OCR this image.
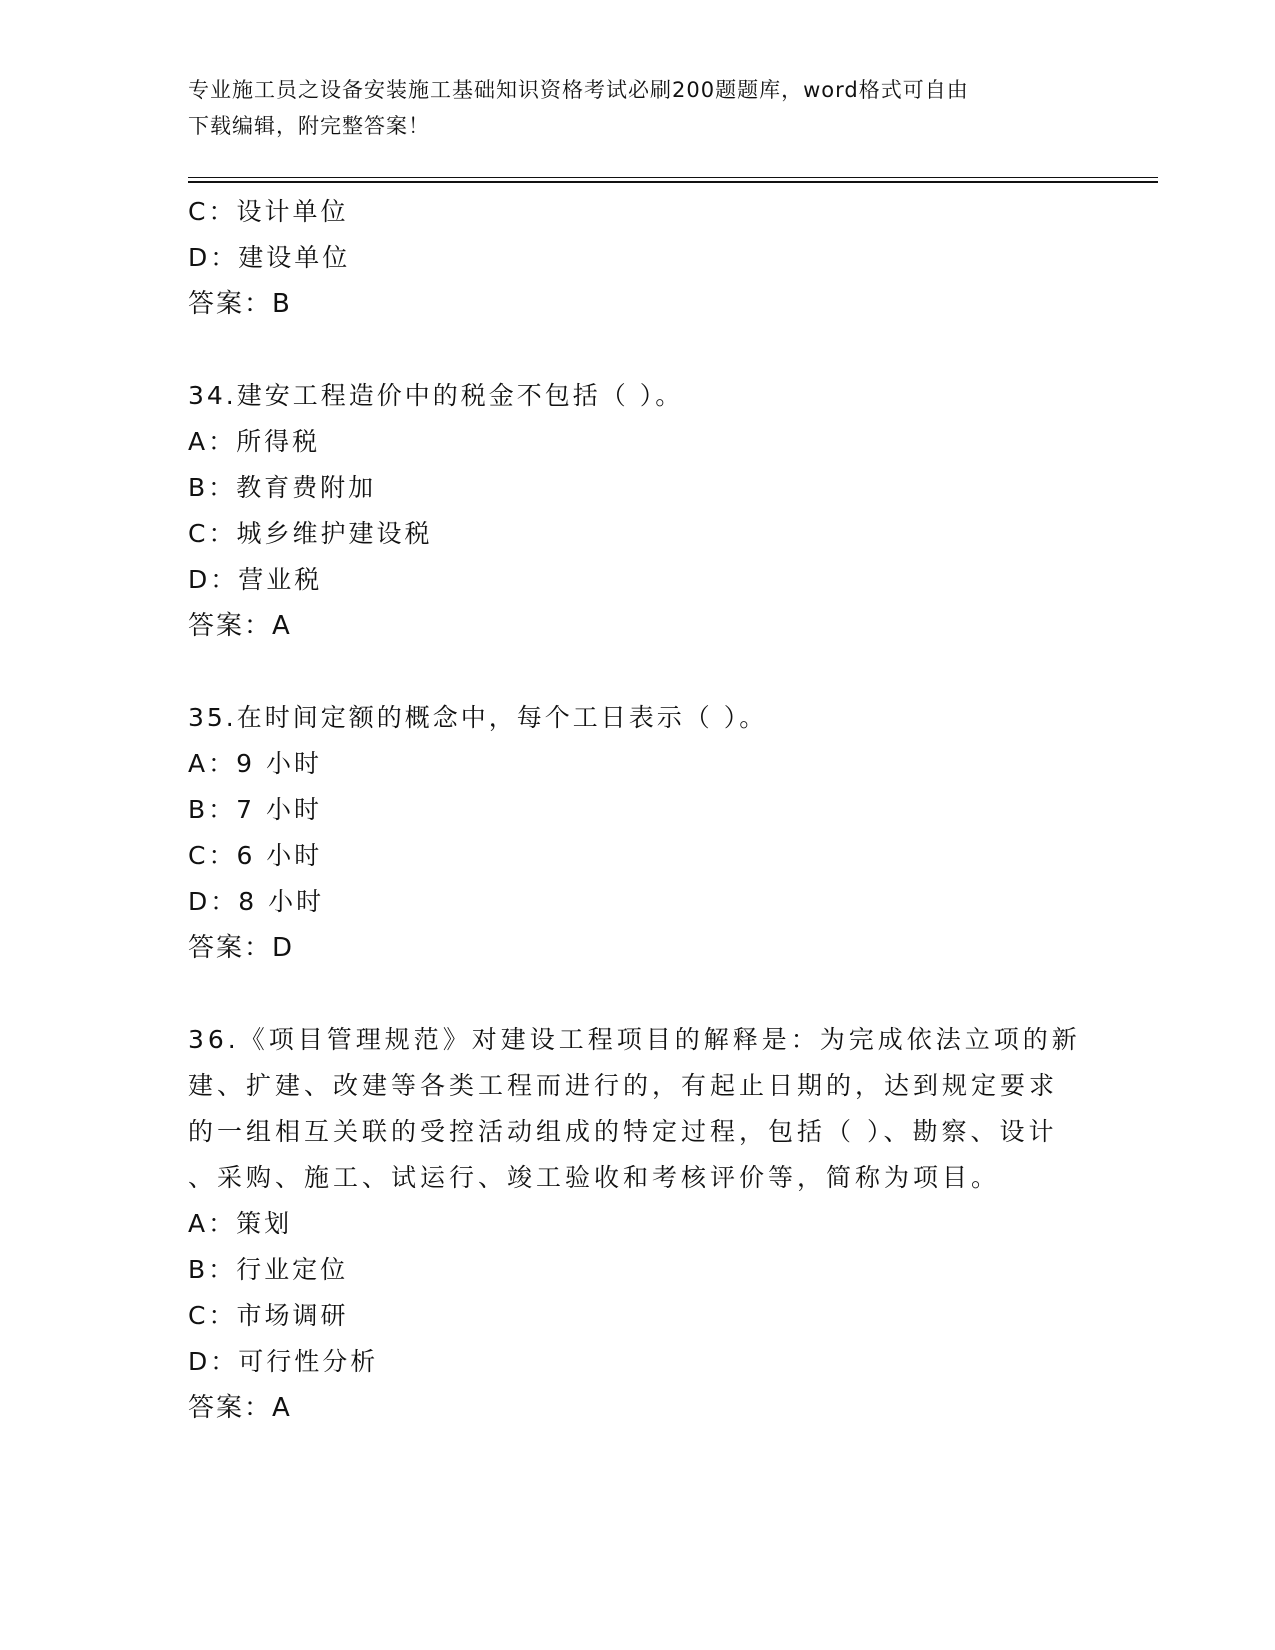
专业施工员之设备安装施工基础知识资格考试必刷200题题库，word格式可自由
下载编辑，附完整答案！
C：设计单位
D：建设单位
答案：B
34.建安工程造价中的税金不包括（ ）。
A：所得税
B：教育费附加
C：城乡维护建设税
D：营业税
答案：A
35.在时间定额的概念中，每个工日表示（ ）。
A：9 小时
B：7 小时
C：6 小时
D：8 小时
答案：D
36.《项目管理规范》对建设工程项目的解释是：为完成依法立项的新
建、扩建、改建等各类工程而进行的，有起止日期的，达到规定要求
的一组相互关联的受控活动组成的特定过程，包括（ ）、勘察、设计
、采购、施工、试运行、竣工验收和考核评价等，简称为项目。
A：策划
B：行业定位
C：市场调研
D：可行性分析
答案：A
